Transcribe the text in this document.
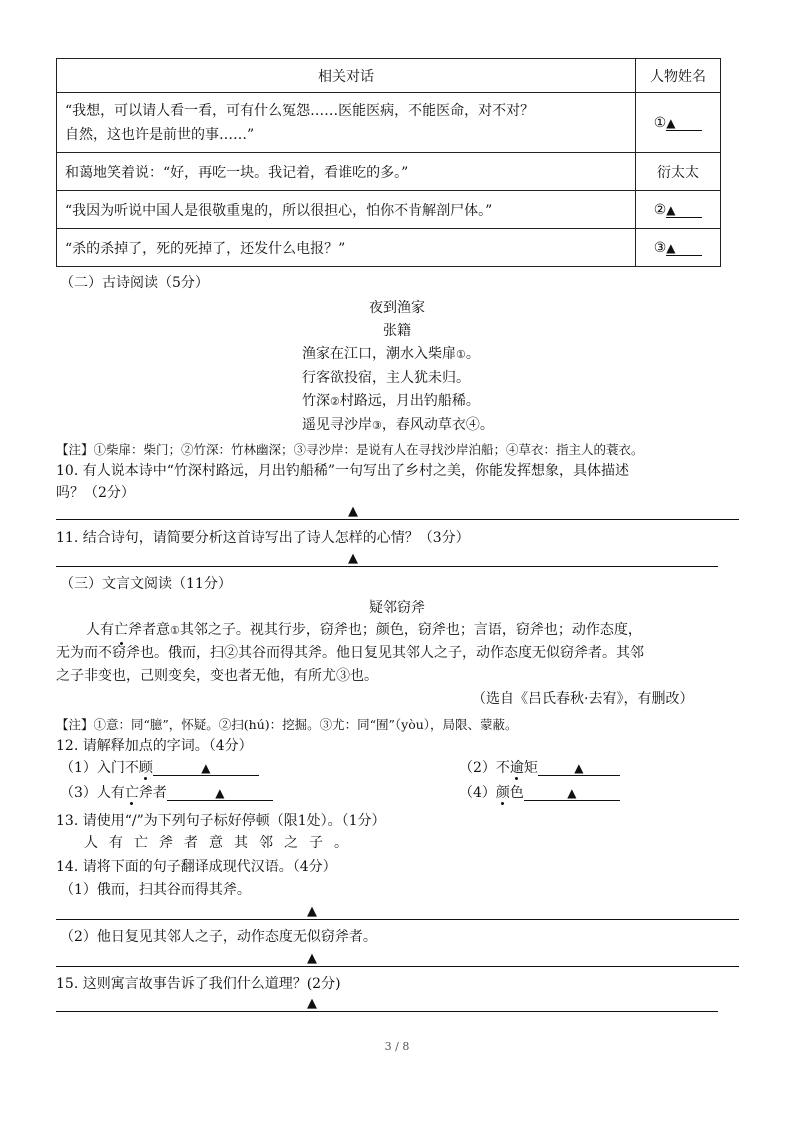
相关对话	人物姓名

“我想，可以请人看一看，可有什么冤怨……医能医病，不能医命，对不对？
自然，这也许是前世的事……”	①▲
和蔼地笑着说：“好，再吃一块。我记着，看谁吃的多。”	衍太太
“我因为听说中国人是很敬重鬼的，所以很担心，怕你不肯解剖尸体。”	②▲
“杀的杀掉了，死的死掉了，还发什么电报？”	③▲
（二）古诗阅读（5分）
夜到渔家
张籍
渔家在江口，潮水入柴扉①。
行客欲投宿，主人犹未归。
竹深②村路远，月出钓船稀。
遥见寻沙岸③，春风动草衣④。
【注】①柴扉：柴门；②竹深：竹林幽深；③寻沙岸：是说有人在寻找沙岸泊船；④草衣：指主人的蓑衣。
10. 有人说本诗中“竹深村路远，月出钓船稀”一句写出了乡村之美，你能发挥想象，具体描述
吗？（2分）
▲
11. 结合诗句，请简要分析这首诗写出了诗人怎样的心情？（3分）
▲
（三）文言文阅读（11分）
疑邻窃斧
人有亡斧者意①其邻之子。视其行步，窃斧也；颜色，窃斧也；言语，窃斧也；动作态度，
无为而不窃斧也。俄而，扫②其谷而得其斧。他日复见其邻人之子，动作态度无似窃斧者。其邻
之子非变也，己则变矣，变也者无他，有所尤③也。
（选自《吕氏春秋·去宥》，有删改）
【注】①意：同“臆”，怀疑。②扫(hú)：挖掘。③尤：同“囿”（yòu），局限、蒙蔽。
12. 请解释加点的字词。（4分）
（1）入门不顾	▲	（2）不逾矩	▲
（3）人有亡斧者	▲	（4）颜色	▲
13. 请使用“/”为下列句子标好停顿（限1处）。（1分）
人有亡斧者意其邻之子。
14. 请将下面的句子翻译成现代汉语。（4分）
（1）俄而，扫其谷而得其斧。
▲
（2）他日复见其邻人之子，动作态度无似窃斧者。
▲
15. 这则寓言故事告诉了我们什么道理？(2分)
▲
3 / 8
